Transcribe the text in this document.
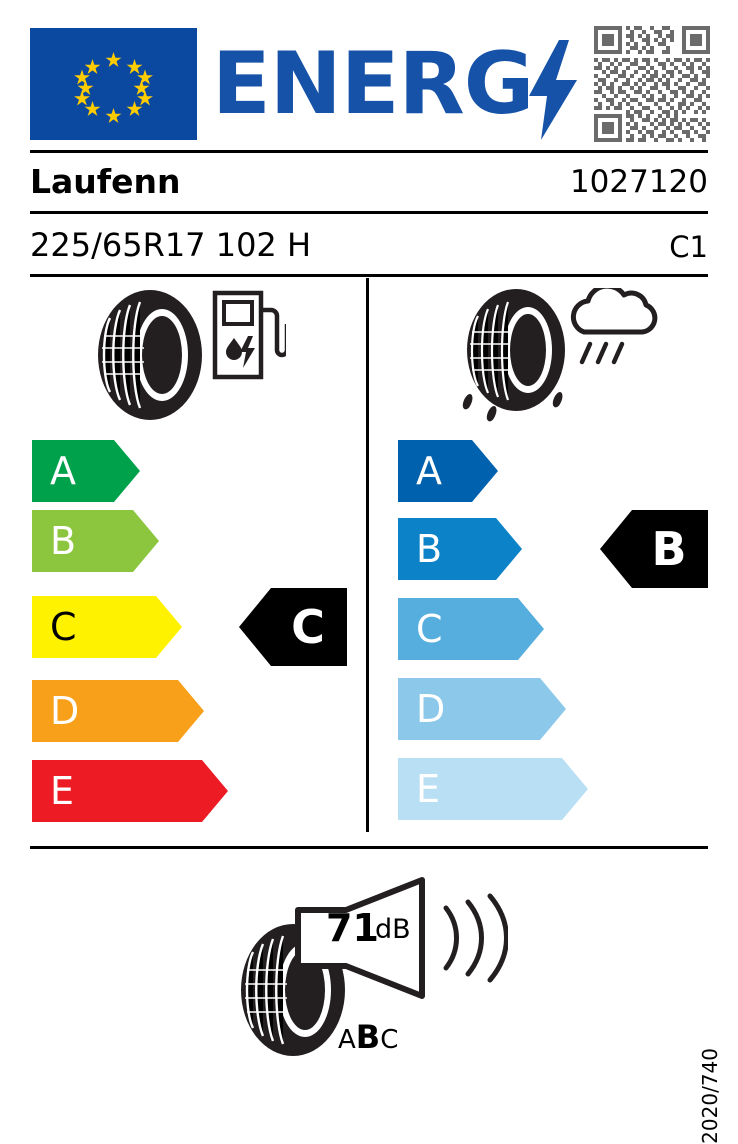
ENERG
Laufenn	1027120
225/65R17 102 H	C1
A
B
C
D
E
C
A
B
C
D
E
B
71
dB
ABC
2020/740
